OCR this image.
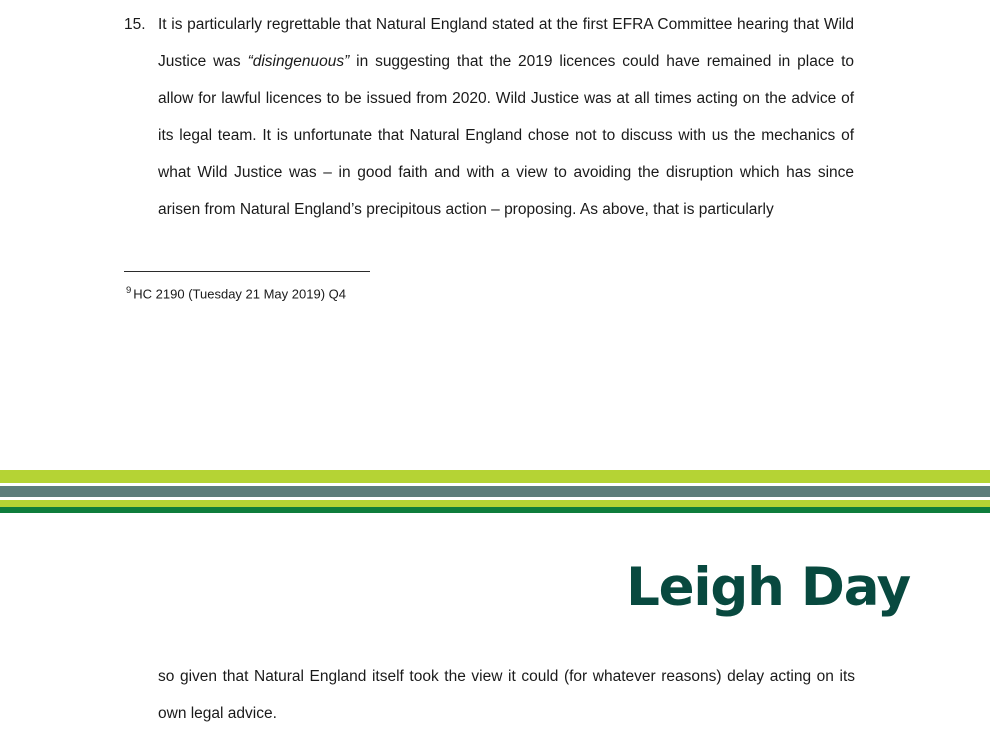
15. It is particularly regrettable that Natural England stated at the first EFRA Committee hearing that Wild Justice was “disingenuous” in suggesting that the 2019 licences could have remained in place to allow for lawful licences to be issued from 2020. Wild Justice was at all times acting on the advice of its legal team. It is unfortunate that Natural England chose not to discuss with us the mechanics of what Wild Justice was – in good faith and with a view to avoiding the disruption which has since arisen from Natural England’s precipitous action – proposing. As above, that is particularly
$^9$ HC 2190 (Tuesday 21 May 2019) Q4
Leigh Day
so given that Natural England itself took the view it could (for whatever reasons) delay acting on its own legal advice.
